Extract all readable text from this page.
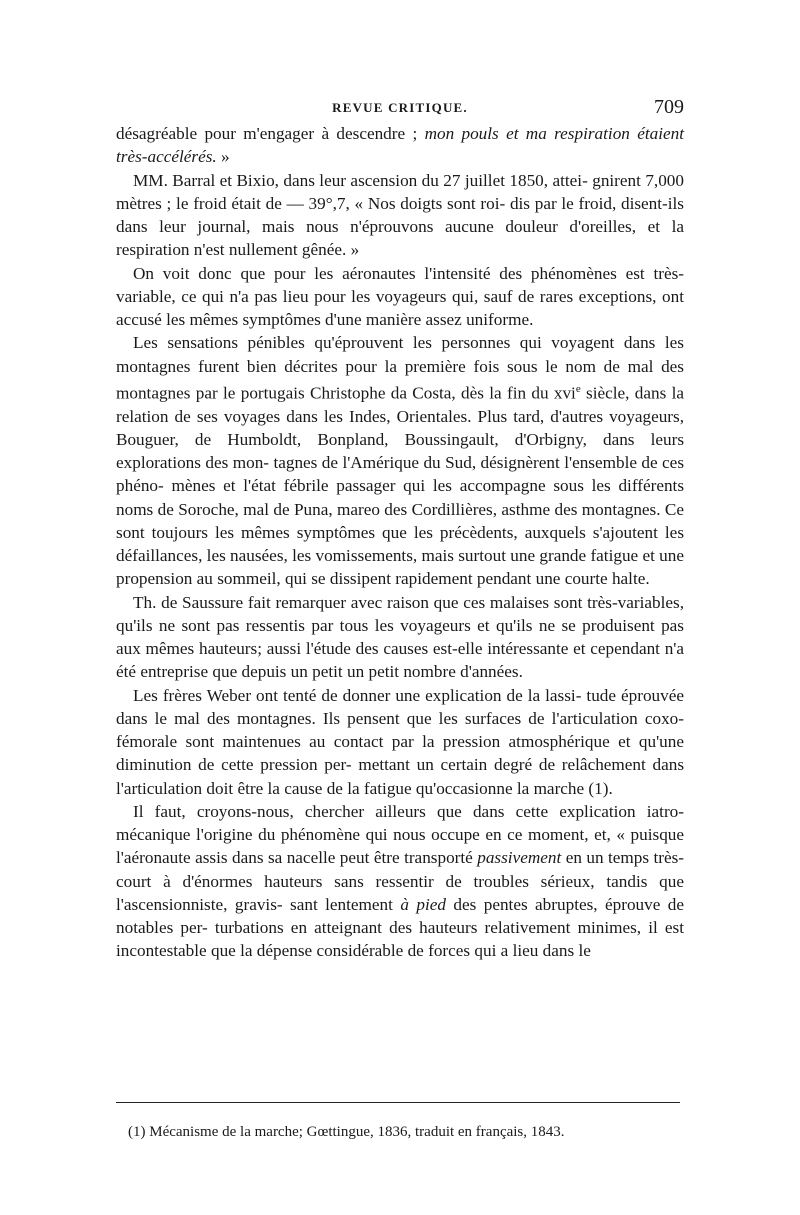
REVUE CRITIQUE.	709

désagréable pour m'engager à descendre ; mon pouls et ma respiration étaient très-accélérés. »

MM. Barral et Bixio, dans leur ascension du 27 juillet 1850, attei- gnirent 7,000 mètres ; le froid était de — 39°,7, « Nos doigts sont roi- dis par le froid, disent-ils dans leur journal, mais nous n'éprouvons aucune douleur d'oreilles, et la respiration n'est nullement gênée. »

On voit donc que pour les aéronautes l'intensité des phénomènes est très-variable, ce qui n'a pas lieu pour les voyageurs qui, sauf de rares exceptions, ont accusé les mêmes symptômes d'une manière assez uniforme.

Les sensations pénibles qu'éprouvent les personnes qui voyagent dans les montagnes furent bien décrites pour la première fois sous le nom de mal des montagnes par le portugais Christophe da Costa, dès la fin du xvi$^e$ siècle, dans la relation de ses voyages dans les Indes, Orientales. Plus tard, d'autres voyageurs, Bouguer, de Humboldt, Bonpland, Boussingault, d'Orbigny, dans leurs explorations des mon- tagnes de l'Amérique du Sud, désignèrent l'ensemble de ces phéno- mènes et l'état fébrile passager qui les accompagne sous les différents noms de Soroche, mal de Puna, mareo des Cordillières, asthme des montagnes. Ce sont toujours les mêmes symptômes que les précèdents, auxquels s'ajoutent les défaillances, les nausées, les vomissements, mais surtout une grande fatigue et une propension au sommeil, qui se dissipent rapidement pendant une courte halte.

Th. de Saussure fait remarquer avec raison que ces malaises sont très-variables, qu'ils ne sont pas ressentis par tous les voyageurs et qu'ils ne se produisent pas aux mêmes hauteurs; aussi l'étude des causes est-elle intéressante et cependant n'a été entreprise que depuis un petit un petit nombre d'années.

Les frères Weber ont tenté de donner une explication de la lassi- tude éprouvée dans le mal des montagnes. Ils pensent que les surfaces de l'articulation coxo-fémorale sont maintenues au contact par la pression atmosphérique et qu'une diminution de cette pression per- mettant un certain degré de relâchement dans l'articulation doit être la cause de la fatigue qu'occasionne la marche (1).

Il faut, croyons-nous, chercher ailleurs que dans cette explication iatro-mécanique l'origine du phénomène qui nous occupe en ce moment, et, « puisque l'aéronaute assis dans sa nacelle peut être transporté passivement en un temps très-court à d'énormes hauteurs sans ressentir de troubles sérieux, tandis que l'ascensionniste, gravis- sant lentement à pied des pentes abruptes, éprouve de notables per- turbations en atteignant des hauteurs relativement minimes, il est incontestable que la dépense considérable de forces qui a lieu dans le

(1) Mécanisme de la marche; Gœttingue, 1836, traduit en français, 1843.
